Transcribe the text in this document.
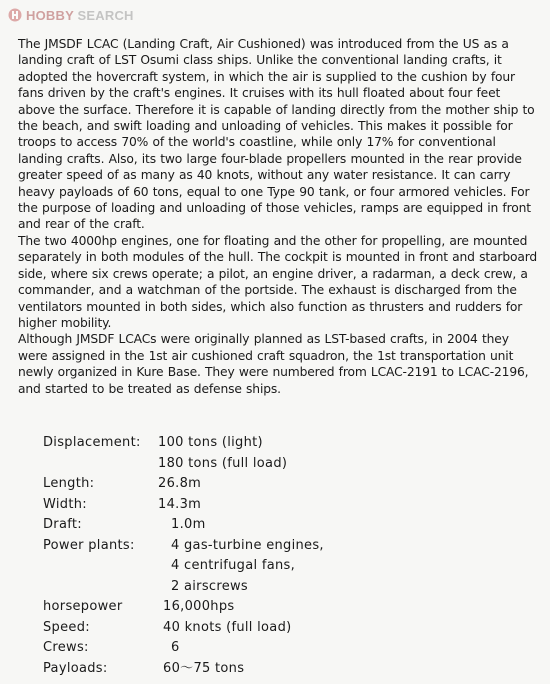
HOBBY SEARCH

The JMSDF LCAC (Landing Craft, Air Cushioned) was introduced from the US as a landing craft of LST Osumi class ships. Unlike the conventional landing crafts, it adopted the hovercraft system, in which the air is supplied to the cushion by four fans driven by the craft's engines. It cruises with its hull floated about four feet above the surface. Therefore it is capable of landing directly from the mother ship to the beach, and swift loading and unloading of vehicles. This makes it possible for troops to access 70% of the world's coastline, while only 17% for conventional landing crafts. Also, its two large four-blade propellers mounted in the rear provide greater speed of as many as 40 knots, without any water resistance. It can carry heavy payloads of 60 tons, equal to one Type 90 tank, or four armored vehicles. For the purpose of loading and unloading of those vehicles, ramps are equipped in front and rear of the craft.

The two 4000hp engines, one for floating and the other for propelling, are mounted separately in both modules of the hull. The cockpit is mounted in front and starboard side, where six crews operate; a pilot, an engine driver, a radarman, a deck crew, a commander, and a watchman of the portside. The exhaust is discharged from the ventilators mounted in both sides, which also function as thrusters and rudders for higher mobility.

Although JMSDF LCACs were originally planned as LST-based crafts, in 2004 they were assigned in the 1st air cushioned craft squadron, the 1st transportation unit newly organized in Kure Base. They were numbered from LCAC-2191 to LCAC-2196, and started to be treated as defense ships.

Displacement:	100 tons (light)
180 tons (full load)
Length:	26.8m
Width:	14.3m
Draft:	1.0m
Power plants:	4 gas-turbine engines,
4 centrifugal fans,
2 airscrews
horsepower	16,000hps
Speed:	40 knots (full load)
Crews:	6
Payloads:	60〜75 tons
